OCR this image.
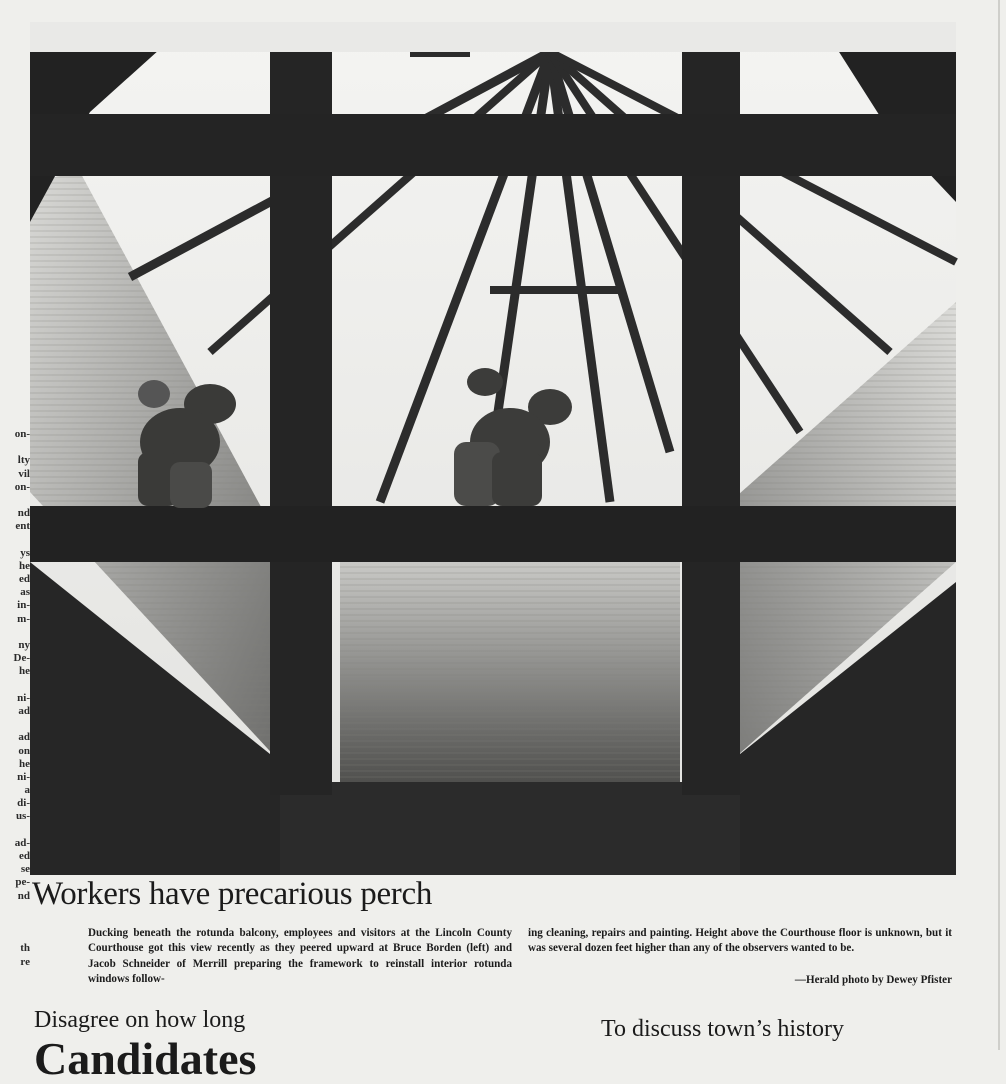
on-
lty
vil
on-
nd
ent
ys
he
ed
as
in-
m-
ny
De-
he
ni-
ad
ad
on
he
ni-
a
di-
us-
ad-
ed
se
pe-
nd
th
re
Workers have precarious perch
Ducking beneath the rotunda balcony, employees and visitors at the Lincoln County Courthouse got this view recently as they peered upward at Bruce Borden (left) and Jacob Schneider of Merrill preparing the framework to reinstall interior rotunda windows follow-
ing cleaning, repairs and painting. Height above the Courthouse floor is unknown, but it was several dozen feet higher than any of the observers wanted to be.
—Herald photo by Dewey Pfister
Disagree on how long	To discuss town’s history
Candidates
